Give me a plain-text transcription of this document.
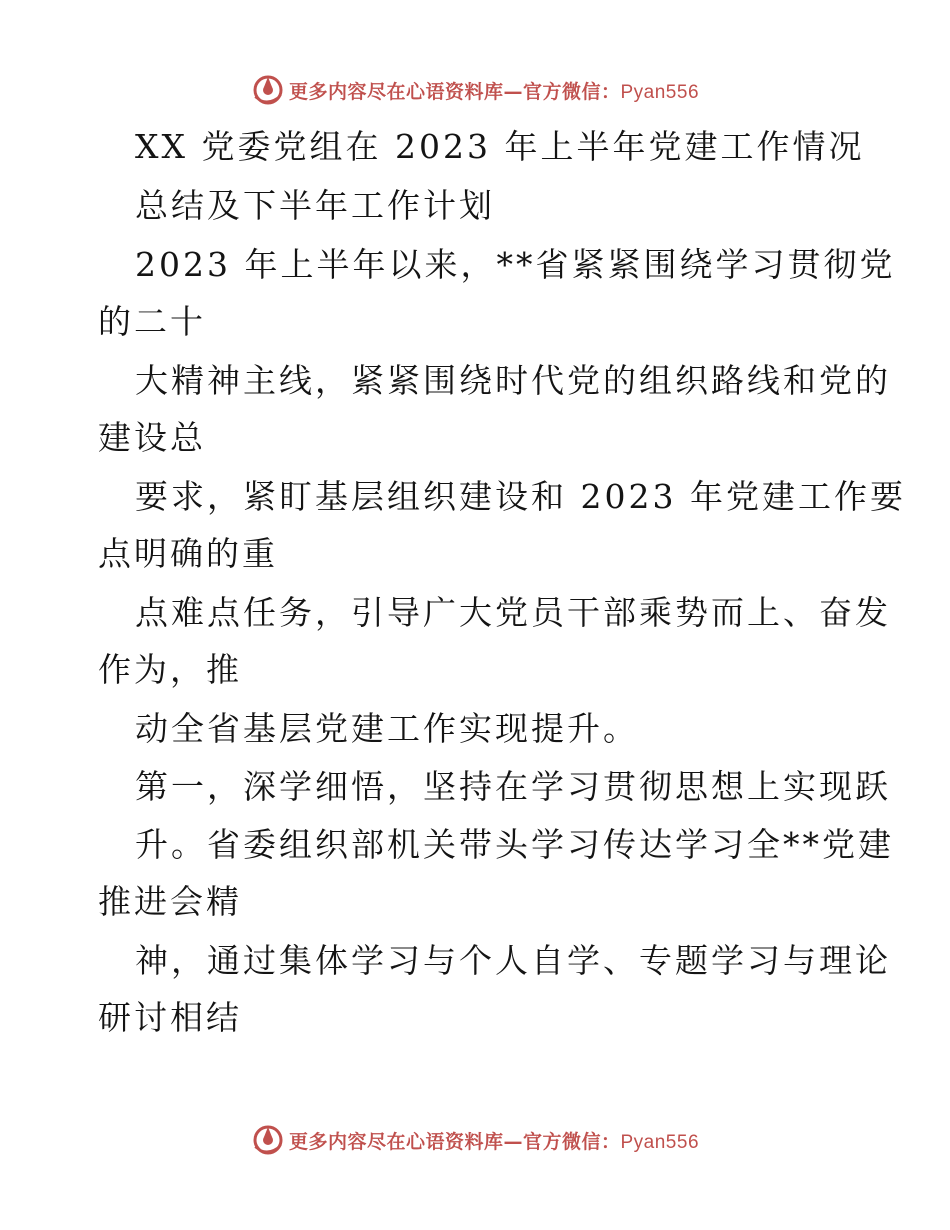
更多内容尽在心语资料库—官方微信：Pyan556
XX 党委党组在 2023 年上半年党建工作情况
总结及下半年工作计划
2023 年上半年以来，**省紧紧围绕学习贯彻党
的二十
大精神主线，紧紧围绕时代党的组织路线和党的
建设总
要求，紧盯基层组织建设和 2023 年党建工作要
点明确的重
点难点任务，引导广大党员干部乘势而上、奋发
作为，推
动全省基层党建工作实现提升。
第一，深学细悟，坚持在学习贯彻思想上实现跃
升。省委组织部机关带头学习传达学习全**党建
推进会精
神，通过集体学习与个人自学、专题学习与理论
研讨相结
更多内容尽在心语资料库—官方微信：Pyan556
